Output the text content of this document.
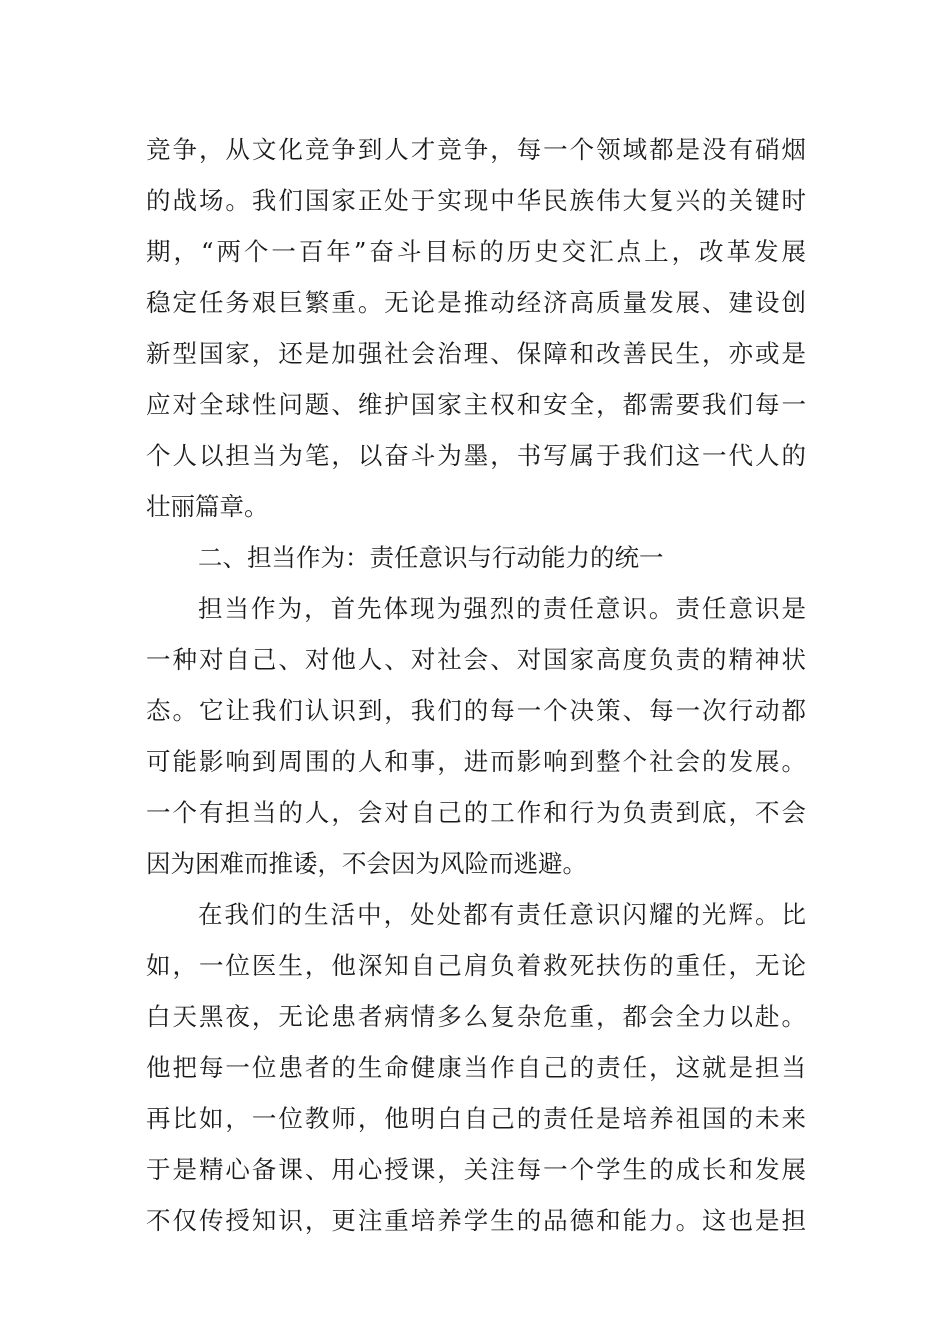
竞争，从文化竞争到人才竞争，每一个领域都是没有硝烟
的战场。我们国家正处于实现中华民族伟大复兴的关键时
期，“两个一百年”奋斗目标的历史交汇点上，改革发展
稳定任务艰巨繁重。无论是推动经济高质量发展、建设创
新型国家，还是加强社会治理、保障和改善民生，亦或是
应对全球性问题、维护国家主权和安全，都需要我们每一
个人以担当为笔，以奋斗为墨，书写属于我们这一代人的
壮丽篇章。
二、担当作为：责任意识与行动能力的统一
担当作为，首先体现为强烈的责任意识。责任意识是
一种对自己、对他人、对社会、对国家高度负责的精神状
态。它让我们认识到，我们的每一个决策、每一次行动都
可能影响到周围的人和事，进而影响到整个社会的发展。
一个有担当的人，会对自己的工作和行为负责到底，不会
因为困难而推诿，不会因为风险而逃避。
在我们的生活中，处处都有责任意识闪耀的光辉。比
如，一位医生，他深知自己肩负着救死扶伤的重任，无论
白天黑夜，无论患者病情多么复杂危重，都会全力以赴。
他把每一位患者的生命健康当作自己的责任，这就是担当
再比如，一位教师，他明白自己的责任是培养祖国的未来
于是精心备课、用心授课，关注每一个学生的成长和发展
不仅传授知识，更注重培养学生的品德和能力。这也是担
